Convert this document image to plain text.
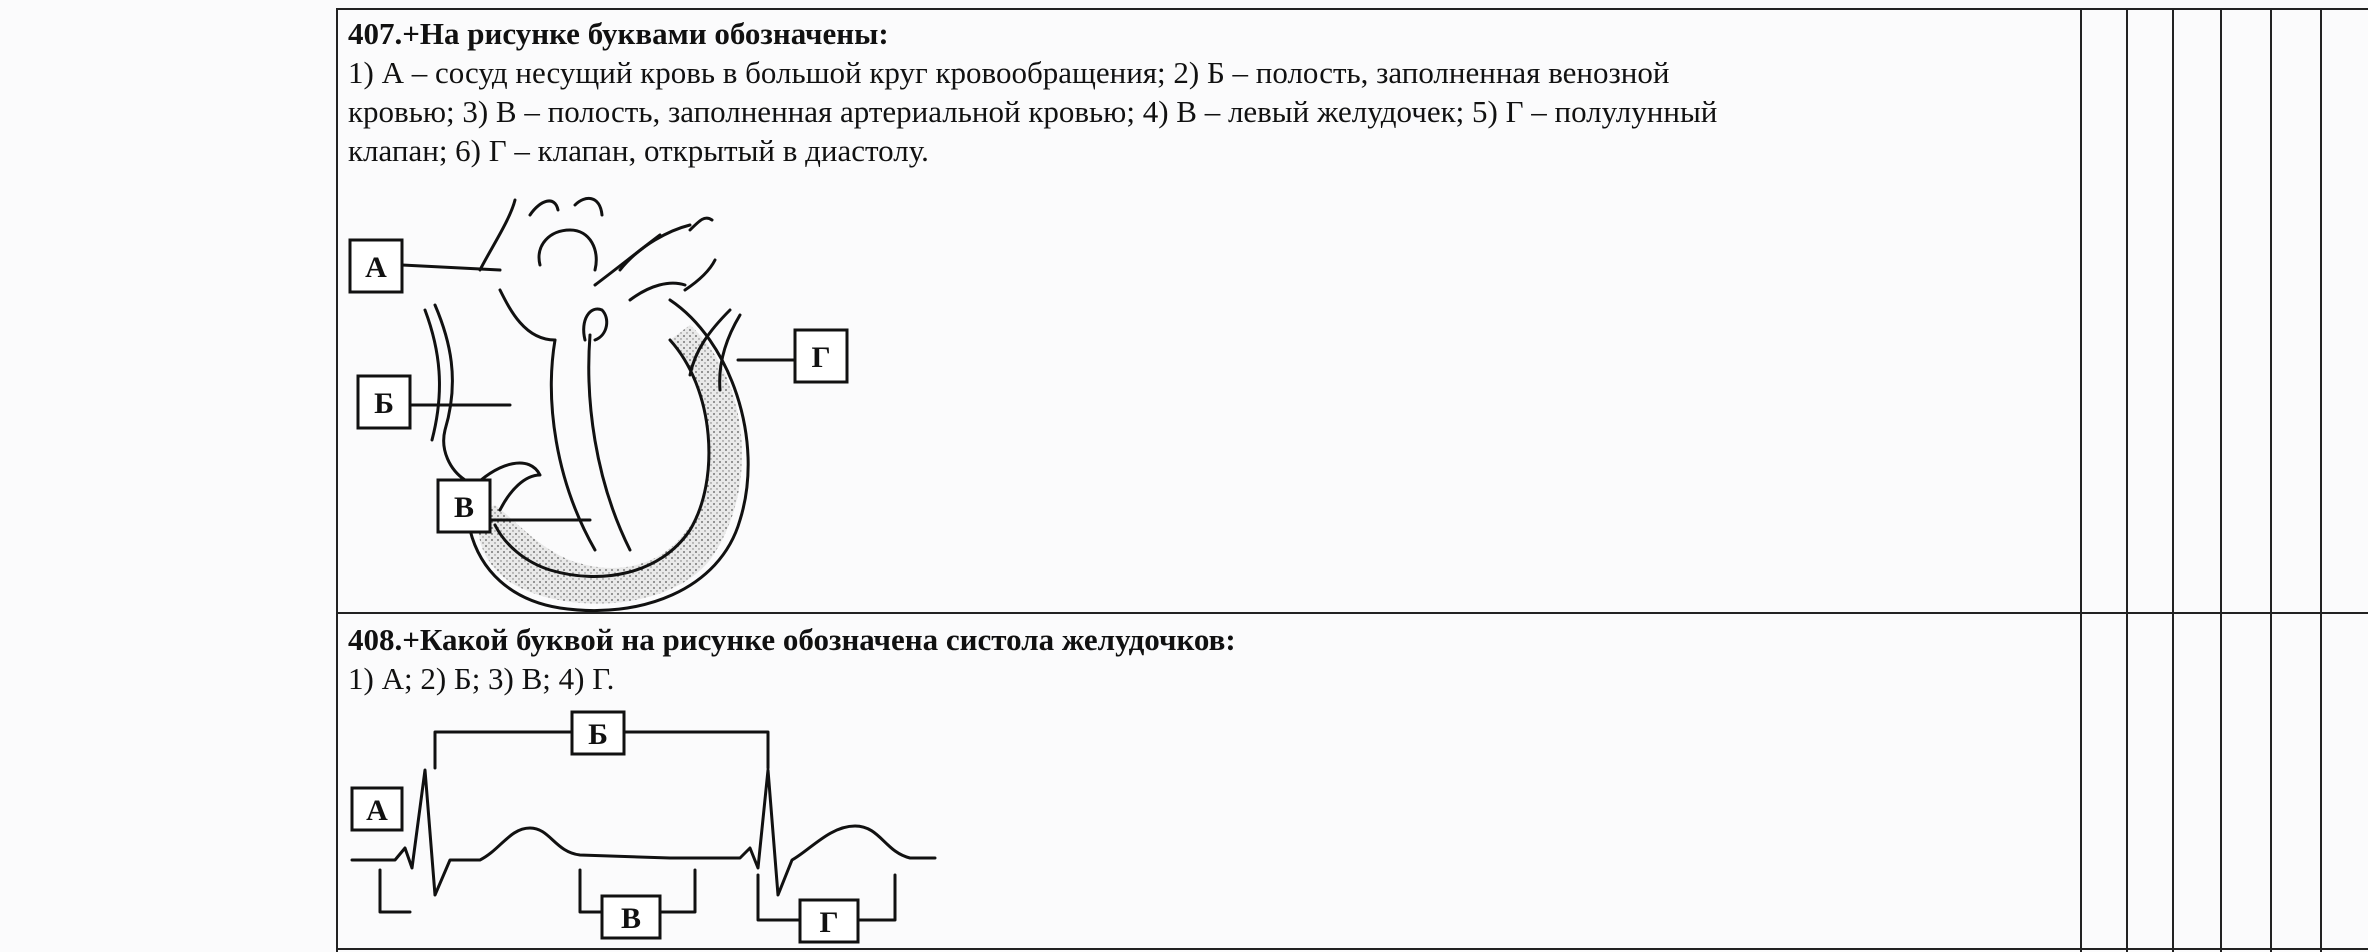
407.+На рисунке буквами обозначены:
1) А – сосуд несущий кровь в большой круг кровообращения; 2) Б – полость, заполненная венозной
кровью; 3) В – полость, заполненная артериальной кровью; 4) В – левый желудочек; 5) Г – полулунный
клапан; 6) Г – клапан, открытый в диастолу.
А
Б
В
Г
408.+Какой буквой на рисунке обозначена систола желудочков:
1) А; 2) Б; 3) В; 4) Г.
Б
А
В	Г
